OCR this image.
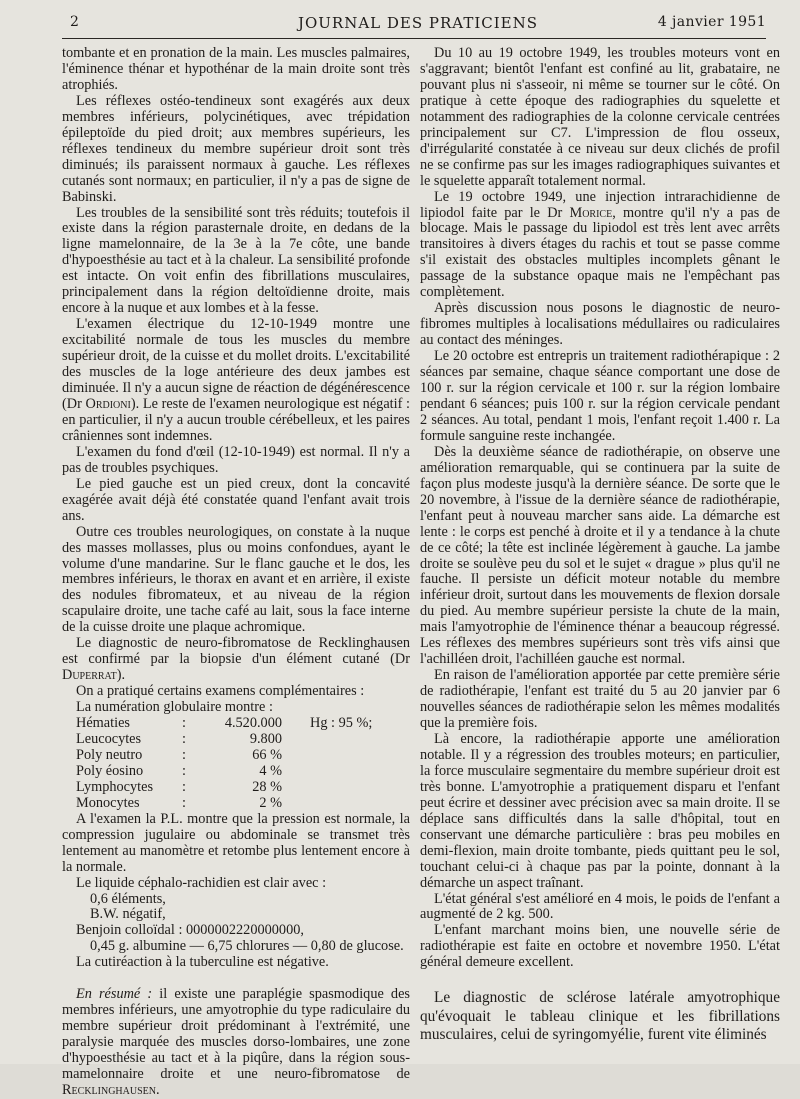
2	JOURNAL DES PRATICIENS	4 janvier 1951

tombante et en pronation de la main. Les muscles palmaires, l'éminence thénar et hypothénar de la main droite sont très atrophiés.

Les réflexes ostéo-tendineux sont exagérés aux deux membres inférieurs, polycinétiques, avec trépidation épileptoïde du pied droit; aux membres supérieurs, les réflexes tendineux du membre supérieur droit sont très diminués; ils paraissent normaux à gauche. Les réflexes cutanés sont normaux; en particulier, il n'y a pas de signe de Babinski.

Les troubles de la sensibilité sont très réduits; toutefois il existe dans la région parasternale droite, en dedans de la ligne mamelonnaire, de la 3e à la 7e côte, une bande d'hypoesthésie au tact et à la chaleur. La sensibilité profonde est intacte. On voit enfin des fibrillations musculaires, principalement dans la région deltoïdienne droite, mais encore à la nuque et aux lombes et à la fesse.

L'examen électrique du 12-10-1949 montre une excitabilité normale de tous les muscles du membre supérieur droit, de la cuisse et du mollet droits. L'excitabilité des muscles de la loge antérieure des deux jambes est diminuée. Il n'y a aucun signe de réaction de dégénérescence (Dr Ordioni). Le reste de l'examen neurologique est négatif : en particulier, il n'y a aucun trouble cérébelleux, et les paires crâniennes sont indemnes.

L'examen du fond d'œil (12-10-1949) est normal. Il n'y a pas de troubles psychiques.

Le pied gauche est un pied creux, dont la concavité exagérée avait déjà été constatée quand l'enfant avait trois ans.

Outre ces troubles neurologiques, on constate à la nuque des masses mollasses, plus ou moins confondues, ayant le volume d'une mandarine. Sur le flanc gauche et le dos, les membres inférieurs, le thorax en avant et en arrière, il existe des nodules fibromateux, et au niveau de la région scapulaire droite, une tache café au lait, sous la face interne de la cuisse droite une plaque achromique.

Le diagnostic de neuro-fibromatose de Recklinghausen est confirmé par la biopsie d'un élément cutané (Dr Duperrat).

On a pratiqué certains examens complémentaires :

La numération globulaire montre :

Hématies	:	4.520.000	Hg : 95 %;
Leucocytes	:	9.800	
Poly neutro	:	66 %	
Poly éosino	:	4 %	
Lymphocytes	:	28 %	
Monocytes	:	2 %	

A l'examen la P.L. montre que la pression est normale, la compression jugulaire ou abdominale se transmet très lentement au manomètre et retombe plus lentement encore à la normale.

Le liquide céphalo-rachidien est clair avec :

0,6 éléments,

B.W. négatif,

Benjoin colloïdal : 0000002220000000,

0,45 g. albumine — 6,75 chlorures — 0,80 de glucose.

La cutiréaction à la tuberculine est négative.

En résumé : il existe une paraplégie spasmodique des membres inférieurs, une amyotrophie du type radiculaire du membre supérieur droit prédominant à l'extrémité, une paralysie marquée des muscles dorso-lombaires, une zone d'hypoesthésie au tact et à la piqûre, dans la région sous-mamelonnaire droite et une neuro-fibromatose de Recklinghausen.

Du 10 au 19 octobre 1949, les troubles moteurs vont en s'aggravant; bientôt l'enfant est confiné au lit, grabataire, ne pouvant plus ni s'asseoir, ni même se tourner sur le côté. On pratique à cette époque des radiographies du squelette et notamment des radiographies de la colonne cervicale centrées principalement sur C7. L'impression de flou osseux, d'irrégularité constatée à ce niveau sur deux clichés de profil ne se confirme pas sur les images radiographiques suivantes et le squelette apparaît totalement normal.

Le 19 octobre 1949, une injection intrarachidienne de lipiodol faite par le Dr Morice, montre qu'il n'y a pas de blocage. Mais le passage du lipiodol est très lent avec arrêts transitoires à divers étages du rachis et tout se passe comme s'il existait des obstacles multiples incomplets gênant le passage de la substance opaque mais ne l'empêchant pas complètement.

Après discussion nous posons le diagnostic de neuro-fibromes multiples à localisations médullaires ou radiculaires au contact des méninges.

Le 20 octobre est entrepris un traitement radiothérapique : 2 séances par semaine, chaque séance comportant une dose de 100 r. sur la région cervicale et 100 r. sur la région lombaire pendant 6 séances; puis 100 r. sur la région cervicale pendant 2 séances. Au total, pendant 1 mois, l'enfant reçoit 1.400 r. La formule sanguine reste inchangée.

Dès la deuxième séance de radiothérapie, on observe une amélioration remarquable, qui se continuera par la suite de façon plus modeste jusqu'à la dernière séance. De sorte que le 20 novembre, à l'issue de la dernière séance de radiothérapie, l'enfant peut à nouveau marcher sans aide. La démarche est lente : le corps est penché à droite et il y a tendance à la chute de ce côté; la tête est inclinée légèrement à gauche. La jambe droite se soulève peu du sol et le sujet « drague » plus qu'il ne fauche. Il persiste un déficit moteur notable du membre inférieur droit, surtout dans les mouvements de flexion dorsale du pied. Au membre supérieur persiste la chute de la main, mais l'amyotrophie de l'éminence thénar a beaucoup régressé. Les réflexes des membres supérieurs sont très vifs ainsi que l'achilléen droit, l'achilléen gauche est normal.

En raison de l'amélioration apportée par cette première série de radiothérapie, l'enfant est traité du 5 au 20 janvier par 6 nouvelles séances de radiothérapie selon les mêmes modalités que la première fois.

Là encore, la radiothérapie apporte une amélioration notable. Il y a régression des troubles moteurs; en particulier, la force musculaire segmentaire du membre supérieur droit est très bonne. L'amyotrophie a pratiquement disparu et l'enfant peut écrire et dessiner avec précision avec sa main droite. Il se déplace sans difficultés dans la salle d'hôpital, tout en conservant une démarche particulière : bras peu mobiles en demi-flexion, main droite tombante, pieds quittant peu le sol, touchant celui-ci à chaque pas par la pointe, donnant à la démarche un aspect traînant.

L'état général s'est amélioré en 4 mois, le poids de l'enfant a augmenté de 2 kg. 500.

L'enfant marchant moins bien, une nouvelle série de radiothérapie est faite en octobre et novembre 1950. L'état général demeure excellent.

Le diagnostic de sclérose latérale amyotrophique qu'évoquait le tableau clinique et les fibrillations musculaires, celui de syringomyélie, furent vite éliminés
